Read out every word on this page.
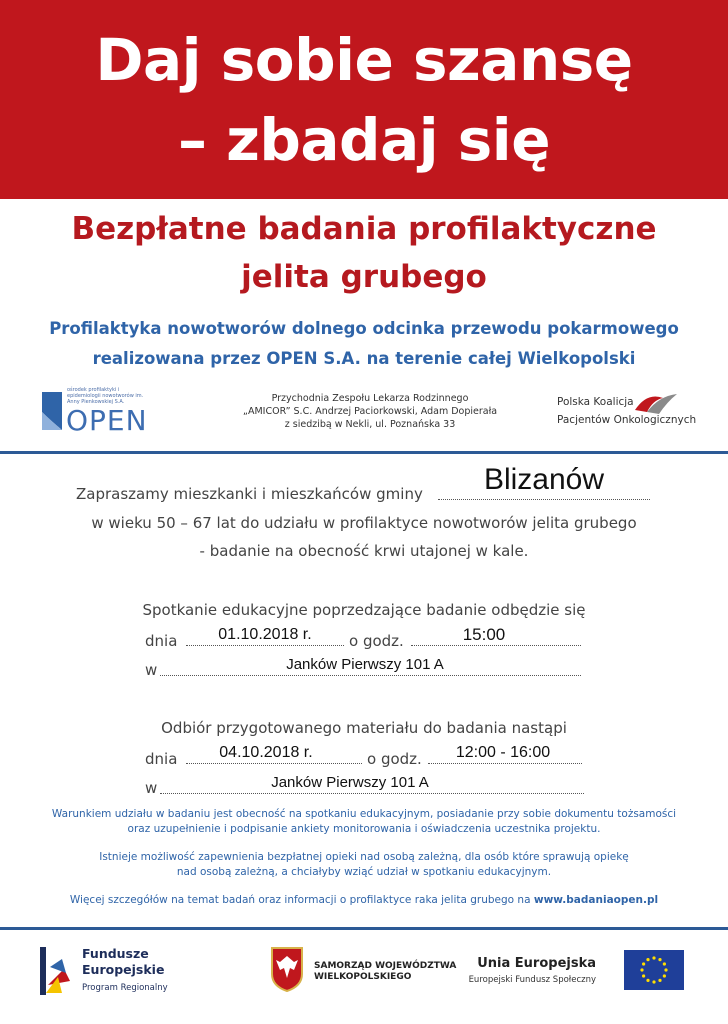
Daj sobie szansę
– zbadaj się
Bezpłatne badania profilaktyczne
jelita grubego
Profilaktyka nowotworów dolnego odcinka przewodu pokarmowego
realizowana przez OPEN S.A. na terenie całej Wielkopolski
ośrodek profilaktyki i epidemiologii nowotworów im. Anny Pienkowskiej S.A.
OPEN
Przychodnia Zespołu Lekarza Rodzinnego
„AMICOR” S.C. Andrzej Paciorkowski, Adam Dopierała
z siedzibą w Nekli, ul. Poznańska 33
Polska Koalicja
Pacjentów Onkologicznych
Zapraszamy mieszkanki i mieszkańców gminy	Blizanów
w wieku 50 – 67 lat do udziału w profilaktyce nowotworów jelita grubego
- badanie na obecność krwi utajonej w kale.
Spotkanie edukacyjne poprzedzające badanie odbędzie się
dnia	01.10.2018 r.	o godz.	15:00
w	Janków Pierwszy 101 A
Odbiór przygotowanego materiału do badania nastąpi
dnia	04.10.2018 r.	o godz.	12:00 - 16:00
w	Janków Pierwszy 101 A
Warunkiem udziału w badaniu jest obecność na spotkaniu edukacyjnym, posiadanie przy sobie dokumentu tożsamości
oraz uzupełnienie i podpisanie ankiety monitorowania i oświadczenia uczestnika projektu.
Istnieje możliwość zapewnienia bezpłatnej opieki nad osobą zależną, dla osób które sprawują opiekę
nad osobą zależną, a chciałyby wziąć udział w spotkaniu edukacyjnym.
Więcej szczegółów na temat badań oraz informacji o profilaktyce raka jelita grubego na www.badaniaopen.pl
Fundusze
Europejskie
Program Regionalny
SAMORZĄD WOJEWÓDZTWA
WIELKOPOLSKIEGO
Unia Europejska
Europejski Fundusz Społeczny
